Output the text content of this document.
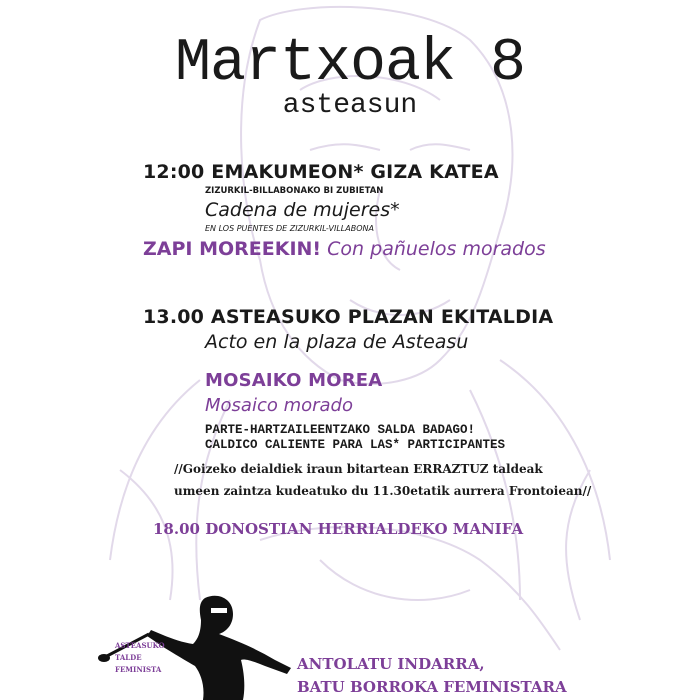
Martxoak 8
asteasun
12:00 EMAKUMEON* GIZA KATEA
ZIZURKIL-BILLABONAKO BI ZUBIETAN
Cadena de mujeres*
EN LOS PUENTES DE ZIZURKIL-VILLABONA
ZAPI MOREEKIN! Con pañuelos morados
13.00 ASTEASUKO PLAZAN EKITALDIA
Acto en la plaza de Asteasu
MOSAIKO MOREA
Mosaico morado
PARTE-HARTZAILEENTZAKO SALDA BADAGO!
CALDICO CALIENTE PARA LAS* PARTICIPANTES
//Goizeko deialdiek iraun bitartean ERRAZTUZ taldeak
umeen zaintza kudeatuko du 11.30etatik aurrera Frontoiean//
18.00 DONOSTIAN HERRIALDEKO MANIFA
ASTEASUKO
TALDE
FEMINISTA	ANTOLATU INDARRA,
BATU BORROKA FEMINISTARA
